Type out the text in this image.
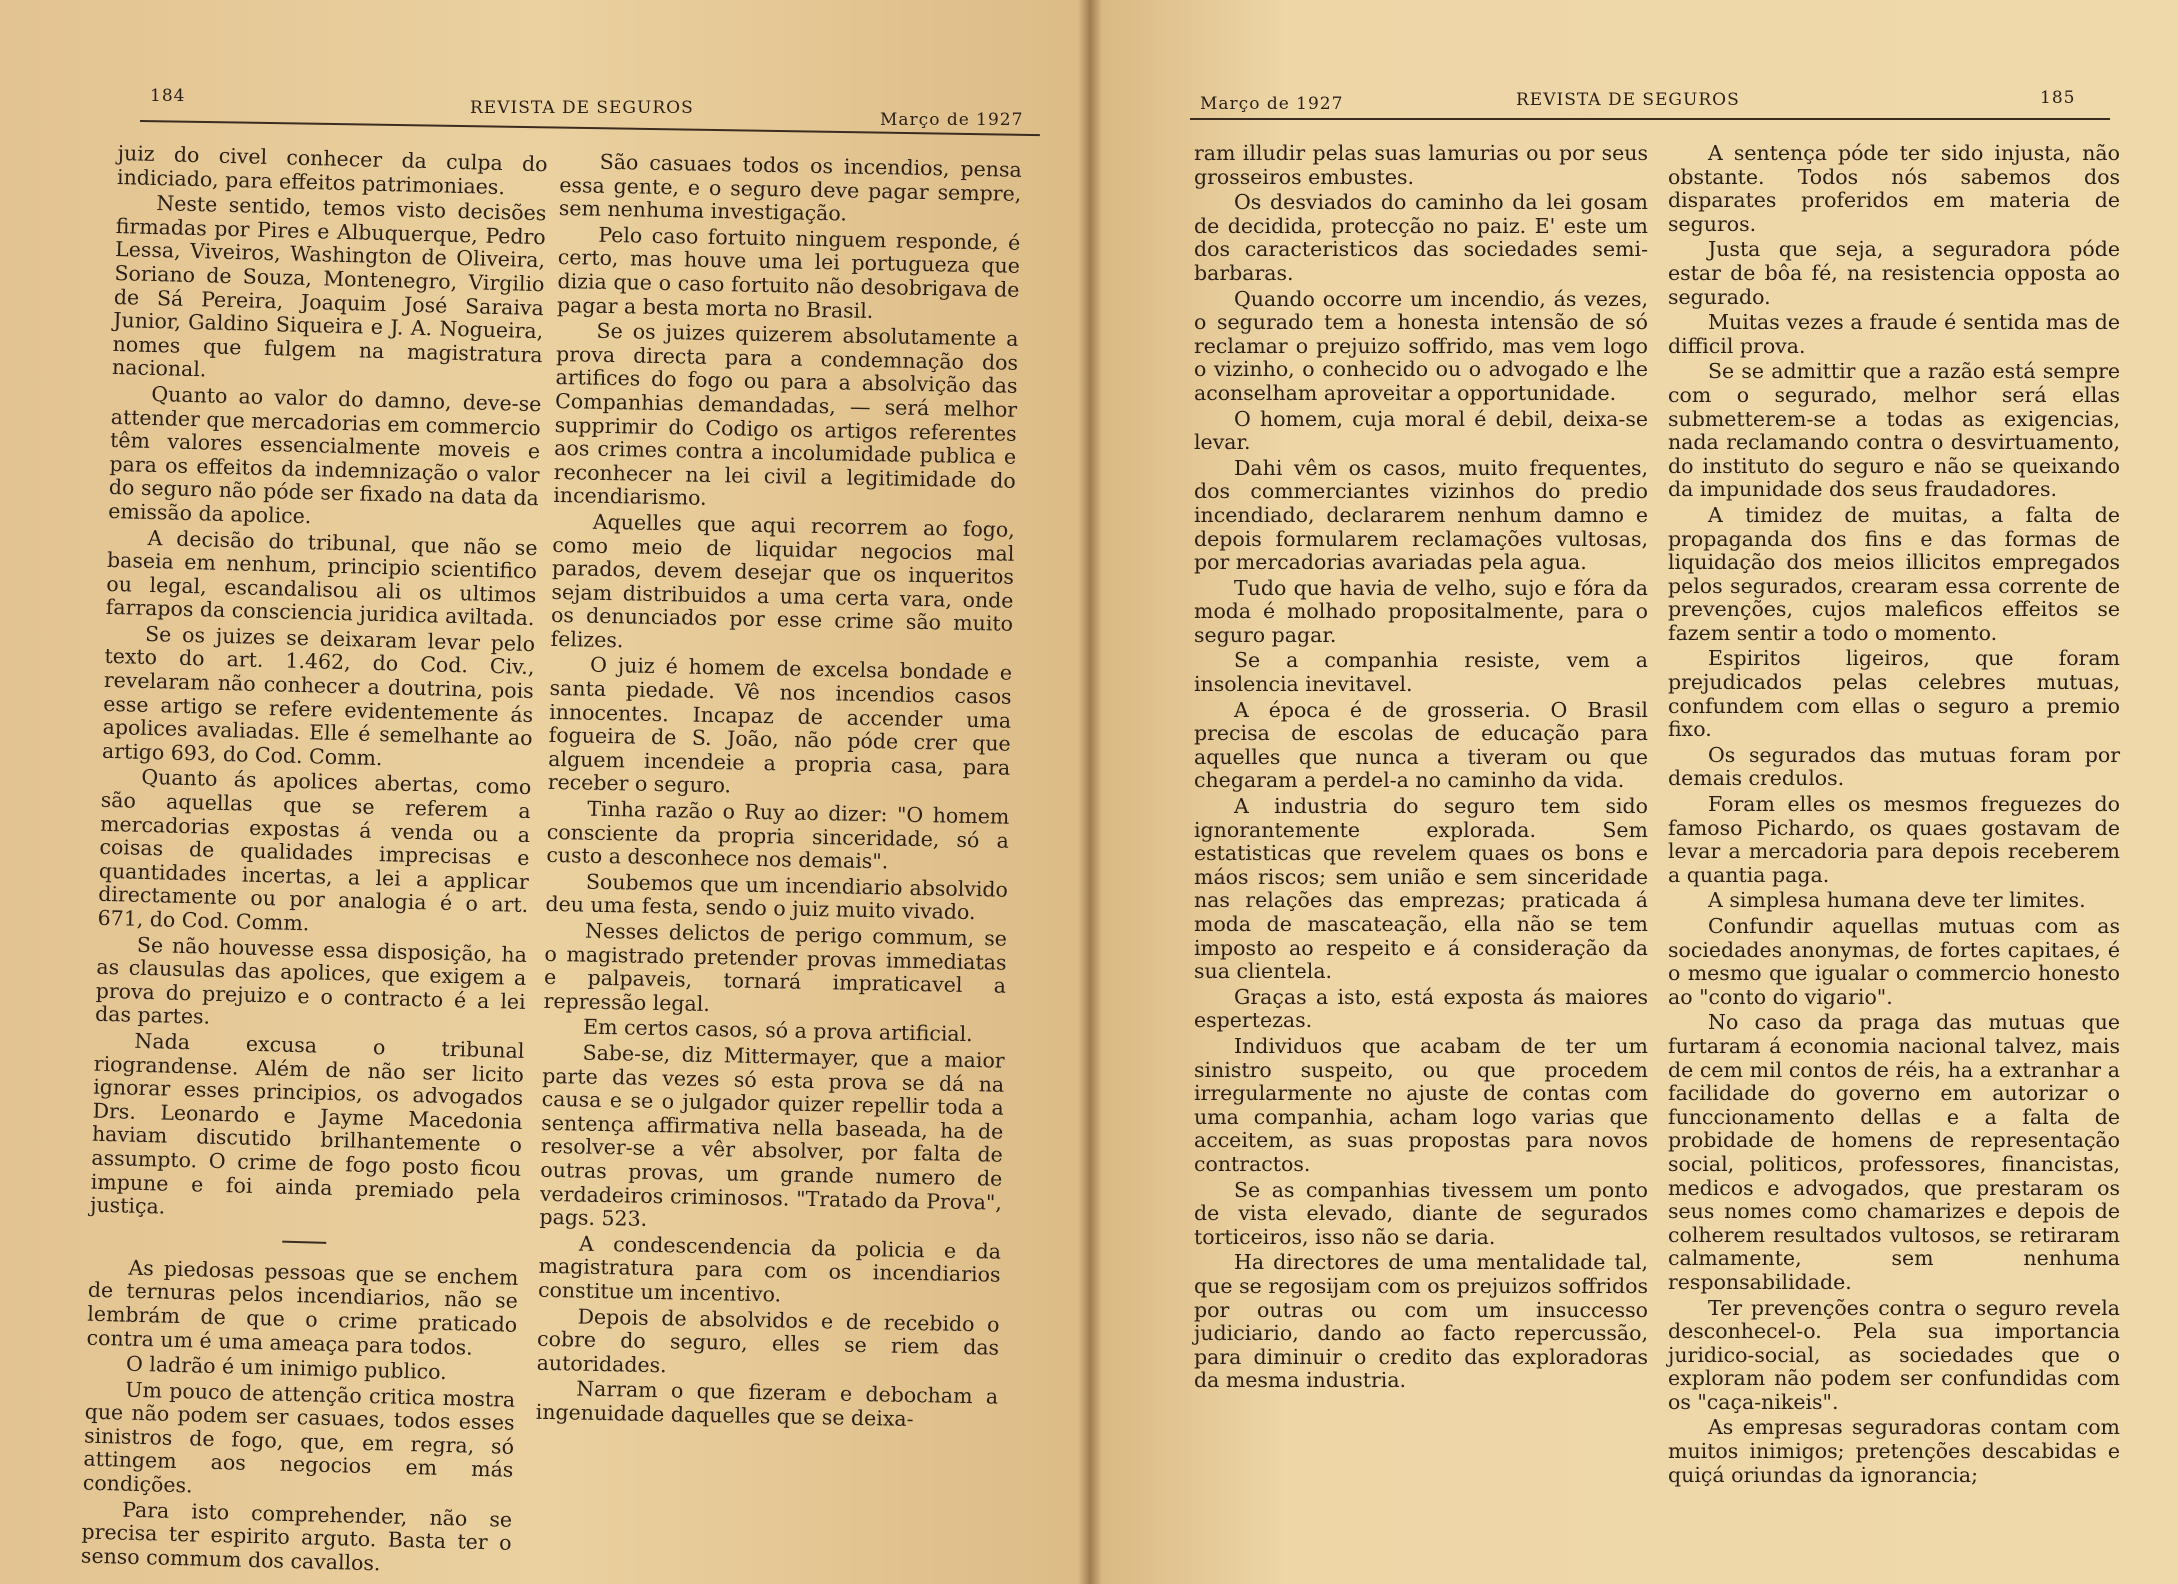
184
REVISTA DE SEGUROS
Março de 1927

juiz do civel conhecer da culpa do indiciado, para effeitos patrimoniaes.

Neste sentido, temos visto decisões firmadas por Pires e Albuquerque, Pedro Lessa, Viveiros, Washington de Oliveira, Soriano de Souza, Montenegro, Virgilio de Sá Pereira, Joaquim José Saraiva Junior, Galdino Siqueira e J. A. Nogueira, nomes que fulgem na magistratura nacional.

Quanto ao valor do damno, deve-se attender que mercadorias em commercio têm valores essencialmente moveis e para os effeitos da indemnização o valor do seguro não póde ser fixado na data da emissão da apolice.

A decisão do tribunal, que não se baseia em nenhum, principio scientifico ou legal, escandalisou ali os ultimos farrapos da consciencia juridica aviltada.

Se os juizes se deixaram levar pelo texto do art. 1.462, do Cod. Civ., revelaram não conhecer a doutrina, pois esse artigo se refere evidentemente ás apolices avaliadas. Elle é semelhante ao artigo 693, do Cod. Comm.

Quanto ás apolices abertas, como são aquellas que se referem a mercadorias expostas á venda ou a coisas de qualidades imprecisas e quantidades incertas, a lei a applicar directamente ou por analogia é o art. 671, do Cod. Comm.

Se não houvesse essa disposição, ha as clausulas das apolices, que exigem a prova do prejuizo e o contracto é a lei das partes.

Nada excusa o tribunal riograndense. Além de não ser licito ignorar esses principios, os advogados Drs. Leonardo e Jayme Macedonia haviam discutido brilhantemente o assumpto. O crime de fogo posto ficou impune e foi ainda premiado pela justiça.

As piedosas pessoas que se enchem de ternuras pelos incendiarios, não se lembrám de que o crime praticado contra um é uma ameaça para todos.

O ladrão é um inimigo publico.

Um pouco de attenção critica mostra que não podem ser casuaes, todos esses sinistros de fogo, que, em regra, só attingem aos negocios em más condições.

Para isto comprehender, não se precisa ter espirito arguto. Basta ter o senso commum dos cavallos.

São casuaes todos os incendios, pensa essa gente, e o seguro deve pagar sempre, sem nenhuma investigação.

Pelo caso fortuito ninguem responde, é certo, mas houve uma lei portugueza que dizia que o caso fortuito não desobrigava de pagar a besta morta no Brasil.

Se os juizes quizerem absolutamente a prova directa para a condemnação dos artifices do fogo ou para a absolvição das Companhias demandadas, — será melhor supprimir do Codigo os artigos referentes aos crimes contra a incolumidade publica e reconhecer na lei civil a legitimidade do incendiarismo.

Aquelles que aqui recorrem ao fogo, como meio de liquidar negocios mal parados, devem desejar que os inqueritos sejam distribuidos a uma certa vara, onde os denunciados por esse crime são muito felizes.

O juiz é homem de excelsa bondade e santa piedade. Vê nos incendios casos innocentes. Incapaz de accender uma fogueira de S. João, não póde crer que alguem incendeie a propria casa, para receber o seguro.

Tinha razão o Ruy ao dizer: "O homem consciente da propria sinceridade, só a custo a desconhece nos demais".

Soubemos que um incendiario absolvido deu uma festa, sendo o juiz muito vivado.

Nesses delictos de perigo commum, se o magistrado pretender provas immediatas e palpaveis, tornará impraticavel a repressão legal.

Em certos casos, só a prova artificial.

Sabe-se, diz Mittermayer, que a maior parte das vezes só esta prova se dá na causa e se o julgador quizer repellir toda a sentença affirmativa nella baseada, ha de resolver-se a vêr absolver, por falta de outras provas, um grande numero de verdadeiros criminosos. "Tratado da Prova", pags. 523.

A condescendencia da policia e da magistratura para com os incendiarios constitue um incentivo.

Depois de absolvidos e de recebido o cobre do seguro, elles se riem das autoridades.

Narram o que fizeram e debocham a ingenuidade daquelles que se deixa-

Março de 1927	REVISTA DE SEGUROS	185

ram illudir pelas suas lamurias ou por seus grosseiros embustes.

Os desviados do caminho da lei gosam de decidida, protecção no paiz. E' este um dos caracteristicos das sociedades semi-barbaras.

Quando occorre um incendio, ás vezes, o segurado tem a honesta intensão de só reclamar o prejuizo soffrido, mas vem logo o vizinho, o conhecido ou o advogado e lhe aconselham aproveitar a opportunidade.

O homem, cuja moral é debil, deixa-se levar.

Dahi vêm os casos, muito frequentes, dos commerciantes vizinhos do predio incendiado, declararem nenhum damno e depois formularem reclamações vultosas, por mercadorias avariadas pela agua.

Tudo que havia de velho, sujo e fóra da moda é molhado propositalmente, para o seguro pagar.

Se a companhia resiste, vem a insolencia inevitavel.

A época é de grosseria. O Brasil precisa de escolas de educação para aquelles que nunca a tiveram ou que chegaram a perdel-a no caminho da vida.

A industria do seguro tem sido ignorantemente explorada. Sem estatisticas que revelem quaes os bons e máos riscos; sem união e sem sinceridade nas relações das emprezas; praticada á moda de mascateação, ella não se tem imposto ao respeito e á consideração da sua clientela.

Graças a isto, está exposta ás maiores espertezas.

Individuos que acabam de ter um sinistro suspeito, ou que procedem irregularmente no ajuste de contas com uma companhia, acham logo varias que acceitem, as suas propostas para novos contractos.

Se as companhias tivessem um ponto de vista elevado, diante de segurados torticeiros, isso não se daria.

Ha directores de uma mentalidade tal, que se regosijam com os prejuizos soffridos por outras ou com um insuccesso judiciario, dando ao facto repercussão, para diminuir o credito das exploradoras da mesma industria.

A sentença póde ter sido injusta, não obstante. Todos nós sabemos dos disparates proferidos em materia de seguros.

Justa que seja, a seguradora póde estar de bôa fé, na resistencia opposta ao segurado.

Muitas vezes a fraude é sentida mas de difficil prova.

Se se admittir que a razão está sempre com o segurado, melhor será ellas submetterem-se a todas as exigencias, nada reclamando contra o desvirtuamento, do instituto do seguro e não se queixando da impunidade dos seus fraudadores.

A timidez de muitas, a falta de propaganda dos fins e das formas de liquidação dos meios illicitos empregados pelos segurados, crearam essa corrente de prevenções, cujos maleficos effeitos se fazem sentir a todo o momento.

Espiritos ligeiros, que foram prejudicados pelas celebres mutuas, confundem com ellas o seguro a premio fixo.

Os segurados das mutuas foram por demais credulos.

Foram elles os mesmos freguezes do famoso Pichardo, os quaes gostavam de levar a mercadoria para depois receberem a quantia paga.

A simplesa humana deve ter limites.

Confundir aquellas mutuas com as sociedades anonymas, de fortes capitaes, é o mesmo que igualar o commercio honesto ao "conto do vigario".

No caso da praga das mutuas que furtaram á economia nacional talvez, mais de cem mil contos de réis, ha a extranhar a facilidade do governo em autorizar o funccionamento dellas e a falta de probidade de homens de representação social, politicos, professores, financistas, medicos e advogados, que prestaram os seus nomes como chamarizes e depois de colherem resultados vultosos, se retiraram calmamente, sem nenhuma responsabilidade.

Ter prevenções contra o seguro revela desconhecel-o. Pela sua importancia juridico-social, as sociedades que o exploram não podem ser confundidas com os "caça-nikeis".

As empresas seguradoras contam com muitos inimigos; pretenções descabidas e quiçá oriundas da ignorancia;
